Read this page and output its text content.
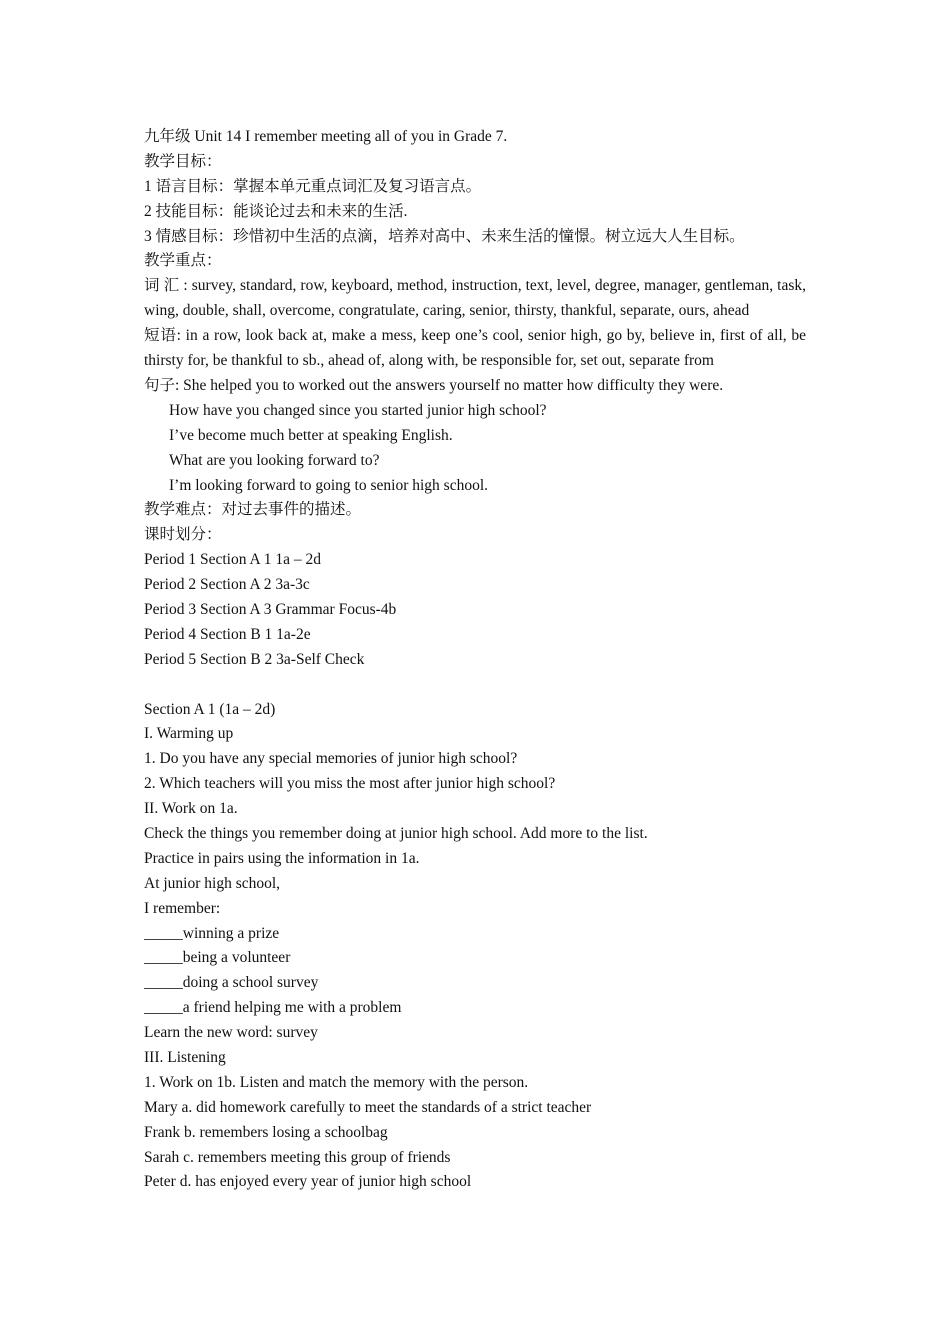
九年级 Unit 14 I remember meeting all of you in Grade 7.
教学目标：
1 语言目标：掌握本单元重点词汇及复习语言点。
2 技能目标：能谈论过去和未来的生活.
3 情感目标：珍惜初中生活的点滴，培养对高中、未来生活的憧憬。树立远大人生目标。
教学重点：
词 汇 : survey, standard, row, keyboard, method, instruction, text, level, degree, manager, gentleman, task, wing, double, shall, overcome, congratulate, caring, senior, thirsty, thankful, separate, ours, ahead
短语: in a row, look back at, make a mess, keep one’s cool, senior high, go by, believe in, first of all, be thirsty for, be thankful to sb., ahead of, along with, be responsible for, set out, separate from
句子: She helped you to worked out the answers yourself no matter how difficulty they were.
How have you changed since you started junior high school?
I’ve become much better at speaking English.
What are you looking forward to?
I’m looking forward to going to senior high school.
教学难点：对过去事件的描述。
课时划分：
Period 1 Section A 1 1a – 2d
Period 2 Section A 2 3a-3c
Period 3 Section A 3 Grammar Focus-4b
Period 4 Section B 1 1a-2e
Period 5 Section B 2 3a-Self Check
Section A 1 (1a – 2d)
I. Warming up
1. Do you have any special memories of junior high school?
2. Which teachers will you miss the most after junior high school?
II. Work on 1a.
Check the things you remember doing at junior high school. Add more to the list.
Practice in pairs using the information in 1a.
At junior high school,
I remember:
_____winning a prize
_____being a volunteer
_____doing a school survey
_____a friend helping me with a problem
Learn the new word: survey
III. Listening
1. Work on 1b. Listen and match the memory with the person.
Mary a. did homework carefully to meet the standards of a strict teacher
Frank b. remembers losing a schoolbag
Sarah c. remembers meeting this group of friends
Peter d. has enjoyed every year of junior high school
